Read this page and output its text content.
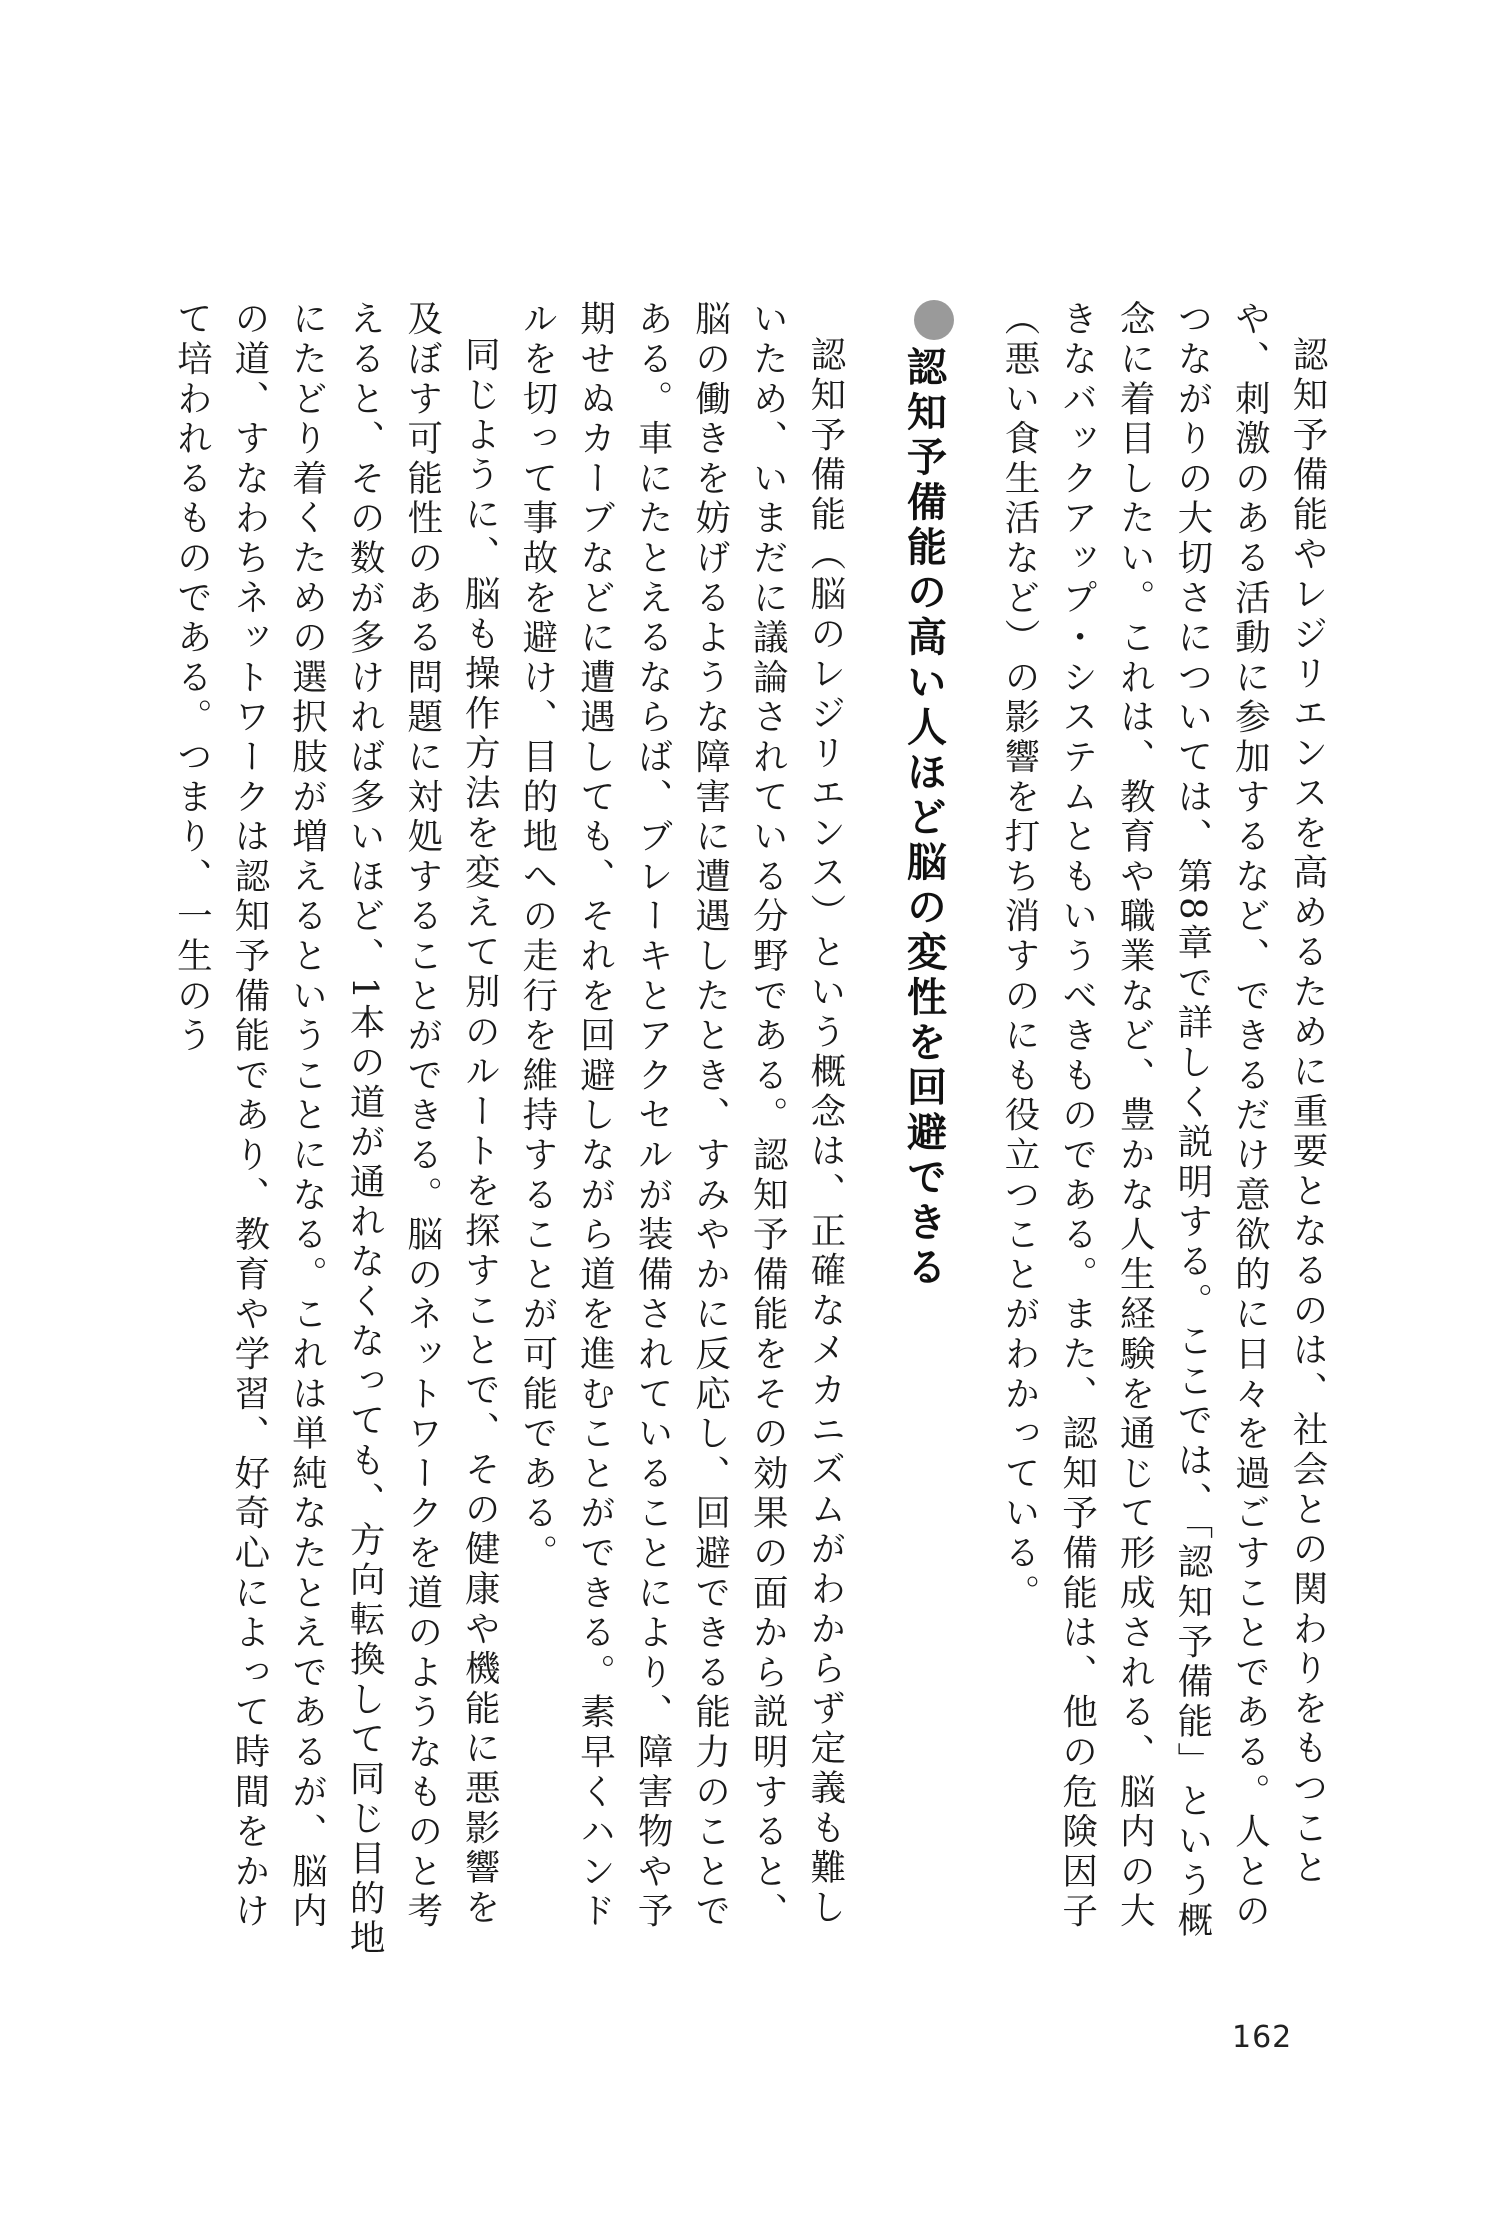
認知予備能やレジリエンスを高めるために重要となるのは、社会との関わりをもつことや、刺激のある活動に参加するなど、できるだけ意欲的に日々を過ごすことである。人とのつながりの大切さについては、第8章で詳しく説明する。ここでは、「認知予備能」という概念に着目したい。これは、教育や職業など、豊かな人生経験を通じて形成される、脳内の大きなバックアップ・システムともいうべきものである。また、認知予備能は、他の危険因子（悪い食生活など）の影響を打ち消すのにも役立つことがわかっている。

認知予備能の高い人ほど脳の変性を回避できる

認知予備能（脳のレジリエンス）という概念は、正確なメカニズムがわからず定義も難しいため、いまだに議論されている分野である。認知予備能をその効果の面から説明すると、脳の働きを妨げるような障害に遭遇したとき、すみやかに反応し、回避できる能力のことである。車にたとえるならば、ブレーキとアクセルが装備されていることにより、障害物や予期せぬカーブなどに遭遇しても、それを回避しながら道を進むことができる。素早くハンドルを切って事故を避け、目的地への走行を維持することが可能である。

同じように、脳も操作方法を変えて別のルートを探すことで、その健康や機能に悪影響を及ぼす可能性のある問題に対処することができる。脳のネットワークを道のようなものと考えると、その数が多ければ多いほど、1本の道が通れなくなっても、方向転換して同じ目的地にたどり着くための選択肢が増えるということになる。これは単純なたとえであるが、脳内の道、すなわちネットワークは認知予備能であり、教育や学習、好奇心によって時間をかけて培われるものである。つまり、一生のう

162
